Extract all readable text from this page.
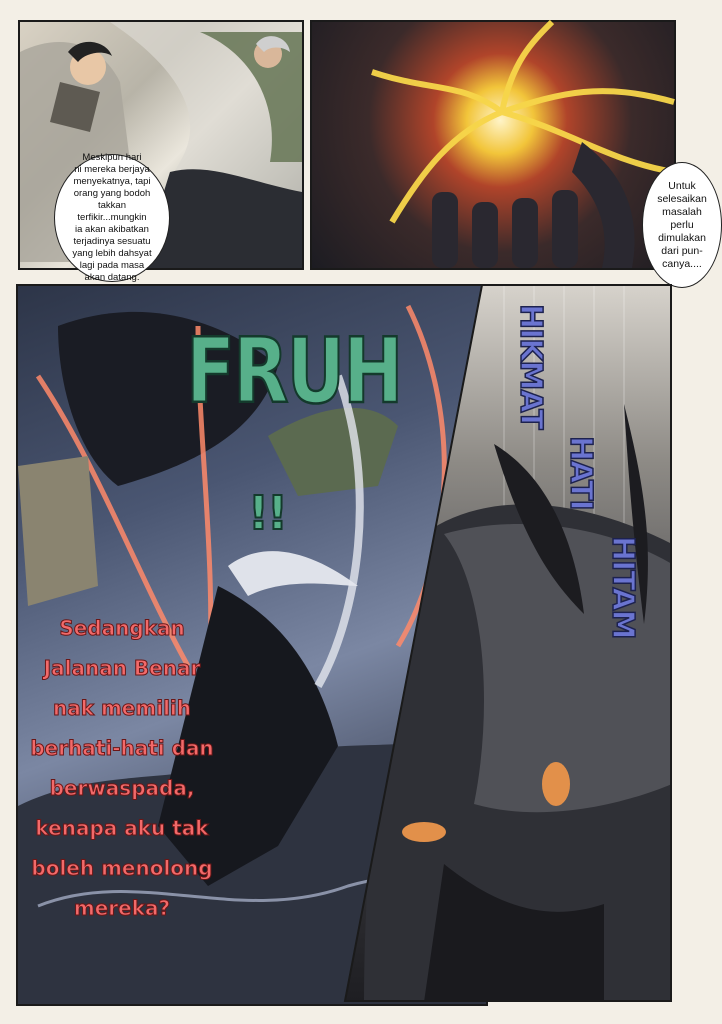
Meskipun hari
ni mereka berjaya
menyekatnya, tapi
orang yang bodoh
takkan terfikir...mungkin
ia akan akibatkan
terjadinya sesuatu
yang lebih dahsyat
lagi pada masa
akan datang.
Untuk
selesaikan
masalah
perlu
dimulakan
dari pun-
canya....
FRUH
!!
Sedangkan
Jalanan Benar
nak memilih
berhati-hati dan
berwaspada,
kenapa aku tak
boleh menolong
mereka?
HIKMAT
HATI
HITAM
